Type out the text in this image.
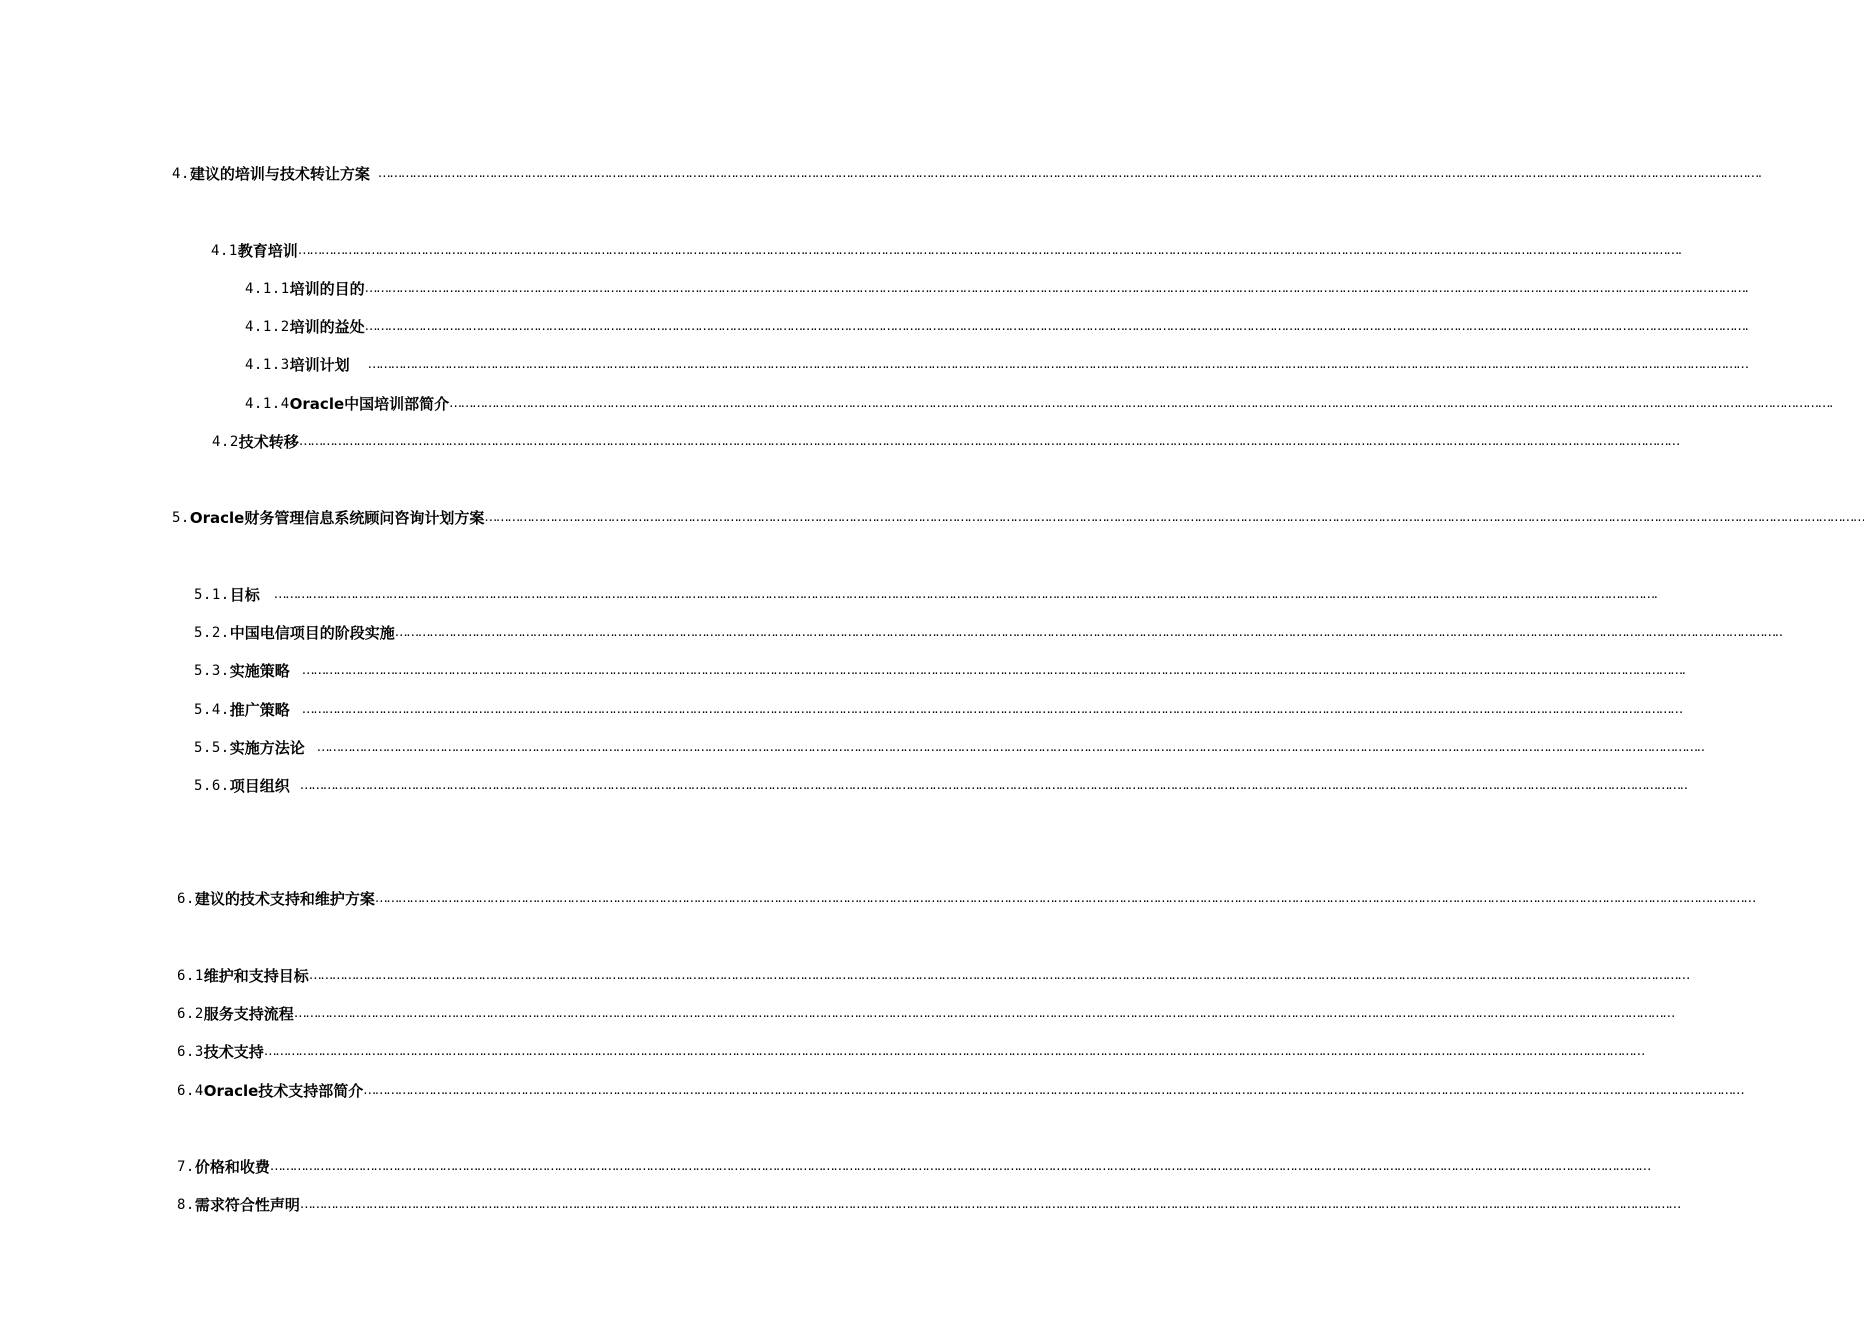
4. 建议的培训与技术转让方案 ……………………………………………………………………………………………………………………………………………………………………………………………………………………………………………………………………………………………………………………………… .
4.1 教育培训 ……………………………………………………………………………………………………………………………………………………………………………………………………………………………………………………………………………………………………………………………… .
4.1.1 培训的目的 ……………………………………………………………………………………………………………………………………………………………………………………………………………………………………………………………………………………………………………………………… .
4.1.2 培训的益处 ……………………………………………………………………………………………………………………………………………………………………………………………………………………………………………………………………………………………………………………………… .
4.1.3 培训计划 ………………………………………………………………………………………………………………………………………………………………………………………………………………………………………………………………………………………………………………………………
4.1.4 Oracle中国培训部简介 ……………………………………………………………………………………………………………………………………………………………………………………………………………………………………………………………………………………………………………………………… .
4.2 技术转移 ………………………………………………………………………………………………………………………………………………………………………………………………………………………………………………………………………………………………………………………………
5. Oracle财务管理信息系统顾问咨询计划方案 ………………………………………………………………………………………………………………………………………………………………………………………………………………………………………………………………………………………………………………………………
5.1. 目标 ……………………………………………………………………………………………………………………………………………………………………………………………………………………………………………………………………………………………………………………………… .
5.2. 中国电信项目的阶段实施 ……………………………………………………………………………………………………………………………………………………………………………………………………………………………………………………………………………………………………………………………… ..
5.3. 实施策略 ……………………………………………………………………………………………………………………………………………………………………………………………………………………………………………………………………………………………………………………………… .
5.4. 推广策略 ………………………………………………………………………………………………………………………………………………………………………………………………………………………………………………………………………………………………………………………………
5.5. 实施方法论 ……………………………………………………………………………………………………………………………………………………………………………………………………………………………………………………………………………………………………………………………… ..
5.6. 项目组织 ……………………………………………………………………………………………………………………………………………………………………………………………………………………………………………………………………………………………………………………………… ..
6. 建议的技术支持和维护方案 ………………………………………………………………………………………………………………………………………………………………………………………………………………………………………………………………………………………………………………………………
6.1 维护和支持目标 ………………………………………………………………………………………………………………………………………………………………………………………………………………………………………………………………………………………………………………………………
6.2 服务支持流程 ………………………………………………………………………………………………………………………………………………………………………………………………………………………………………………………………………………………………………………………………
6.3 技术支持 ………………………………………………………………………………………………………………………………………………………………………………………………………………………………………………………………………………………………………………………………
6.4 Oracle技术支持部简介 ………………………………………………………………………………………………………………………………………………………………………………………………………………………………………………………………………………………………………………………………
7. 价格和收费 ………………………………………………………………………………………………………………………………………………………………………………………………………………………………………………………………………………………………………………………………
8. 需求符合性声明 ………………………………………………………………………………………………………………………………………………………………………………………………………………………………………………………………………………………………………………………………
